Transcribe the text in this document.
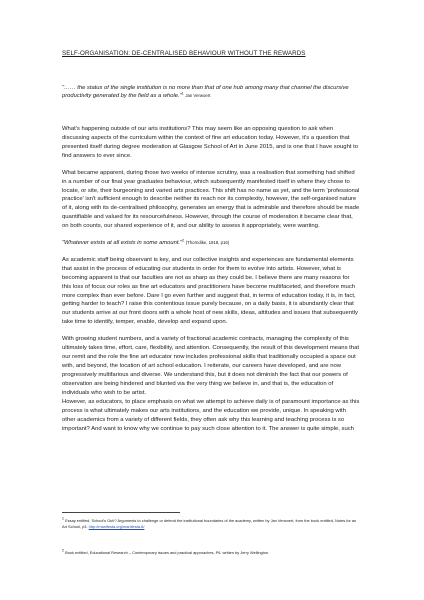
SELF-ORGANISATION: DE-CENTRALISED BEHAVIOUR WITHOUT THE REWARDS

"…… the status of the single institution is no more than that of one hub among many that channel the discursive productivity generated by the field as a whole."$^1$ Jan Verwoert

What's happening outside of our arts institutions? This may seem like an opposing question to ask when discussing aspects of the curriculum within the context of fine art education today. However, it's a question that presented itself during degree moderation at Glasgow School of Art in June 2015, and is one that I have sought to find answers to ever since.

What became apparent, during those two weeks of intense scrutiny, was a realisation that something had shifted in a number of our final year graduates behaviour, which subsequently manifested itself in where they chose to locate, or site, their burgeoning and varied arts practices. This shift has no name as yet, and the term 'professional practice' isn't sufficient enough to describe neither its reach nor its complexity, however, the self-organised nature of it, along with its de-centralised philosophy, generates an energy that is admirable and therefore should be made quantifiable and valued for its resourcefulness. However, through the course of moderation it became clear that, on both counts, our shared experience of it, and our ability to assess it appropriately, were wanting.

"Whatever exists at all exists in some amount."$^2$ (Thorndike, 1918, p16)

As academic staff being observant is key, and our collective insights and experiences are fundamental elements that assist in the process of educating our students in order for them to evolve into artists. However, what is becoming apparent is that our faculties are not as sharp as they could be. I believe there are many reasons for this loss of focus our roles as fine art educators and practitioners have become multifaceted, and therefore much more complex than ever before. Dare I go even further and suggest that, in terms of education today, it is, in fact, getting harder to teach? I raise this contentious issue purely because, on a daily basis, it is abundantly clear that our students arrive at our front doors with a whole host of new skills, ideas, attitudes and issues that subsequently take time to identify, temper, enable, develop and expand upon.

With growing student numbers, and a variety of fractional academic contracts, managing the complexity of this ultimately takes time, effort, care, flexibility, and attention. Consequently, the result of this development means that our remit and the role the fine art educator now includes professional skills that traditionally occupied a space out with, and beyond, the location of art school education. I reiterate, our careers have developed, and are now progressively multifarious and diverse. We understand this, but it does not diminish the fact that our powers of observation are being hindered and blunted via the very thing we believe in, and that is, the education of individuals who wish to be artist.

However, as educators, to place emphasis on what we attempt to achieve daily is of paramount importance as this process is what ultimately makes our arts institutions, and the education we provide, unique. In speaking with other academics from a variety of different fields, they often ask why this learning and teaching process is so important? And want to know why we continue to pay such close attention to it. The answer is quite simple, such

$^1$ Essay entitled, School's Out!? Arguments to challenge or defend the institutional boundaries of the academy, written by Jan Verwoert, from the book entitled, Notes for an Art School, p3. http://manifesta.org/manifesta-6/

$^2$ Book entitled, Educational Research – Contemporary issues and practical approaches, P6. written by Jerry Wellington.
